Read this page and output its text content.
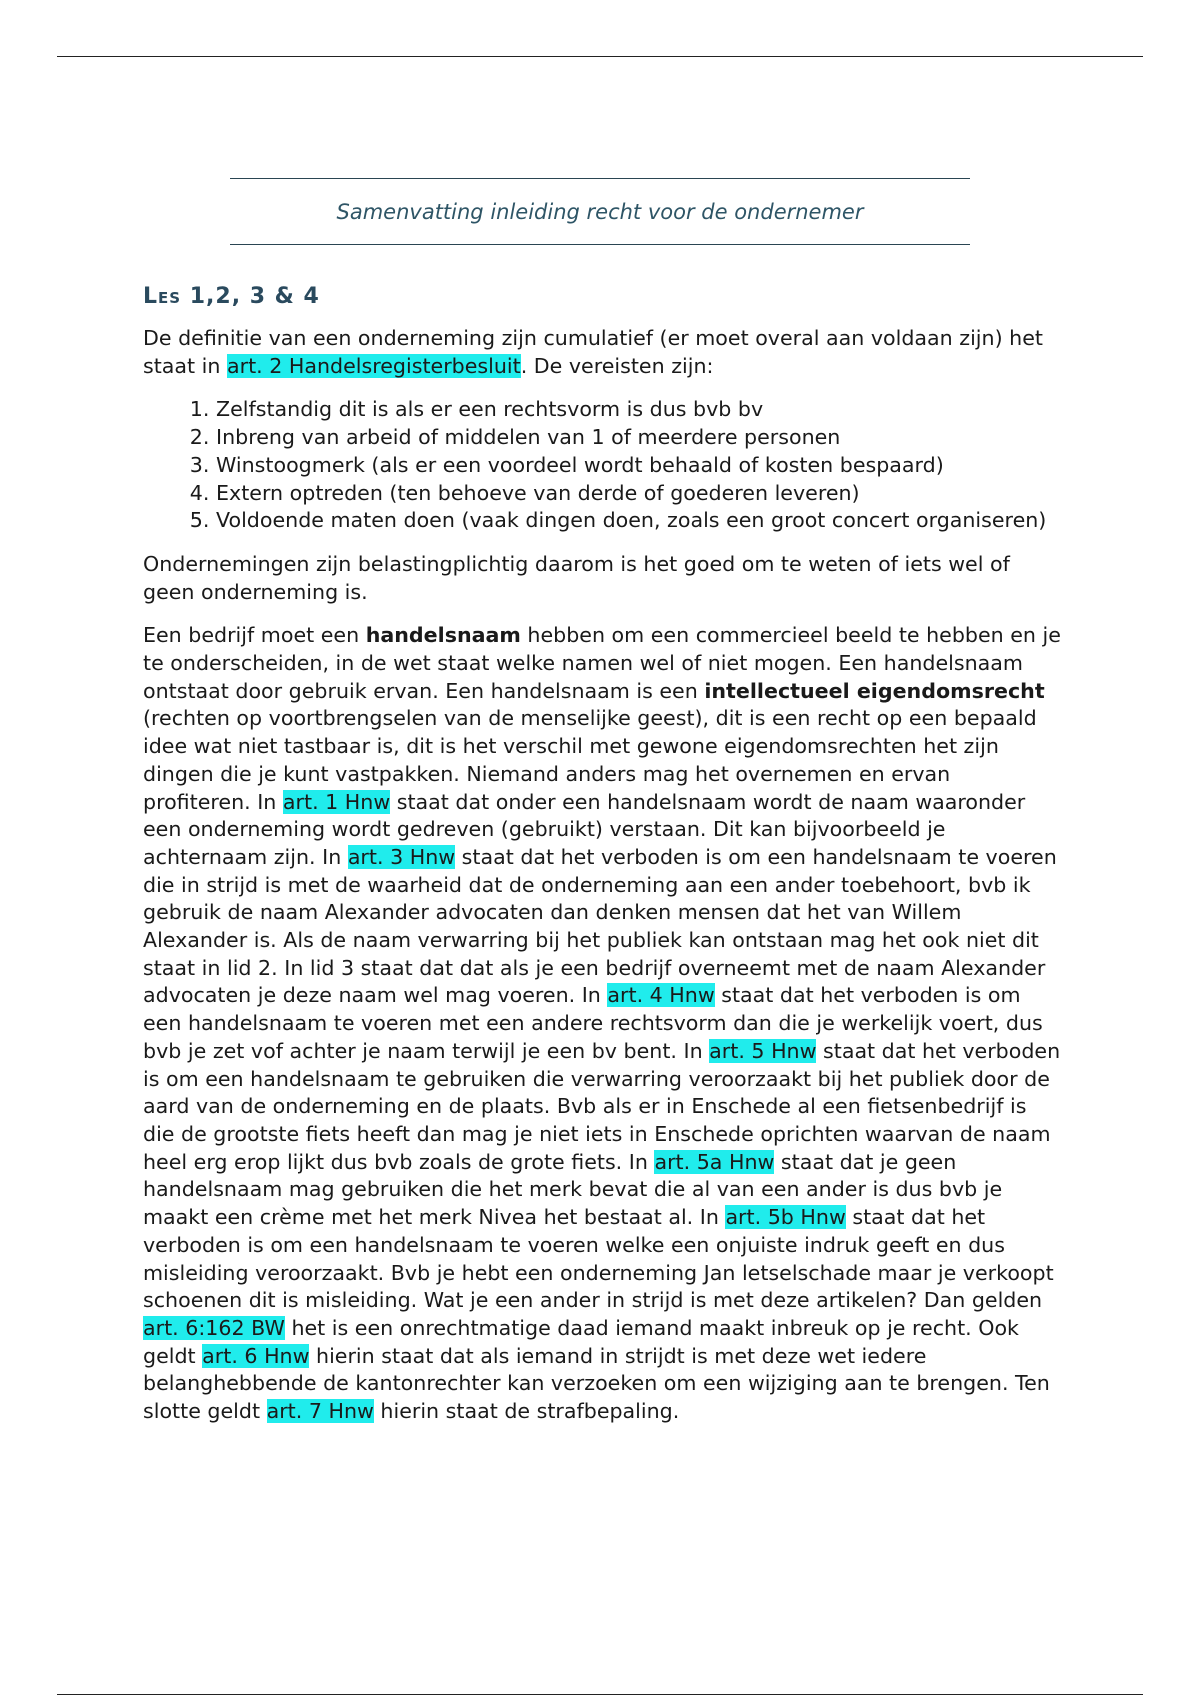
Samenvatting inleiding recht voor de ondernemer
Les 1,2, 3 & 4

De definitie van een onderneming zijn cumulatief (er moet overal aan voldaan zijn) het staat in art. 2 Handelsregisterbesluit. De vereisten zijn:

1. Zelfstandig dit is als er een rechtsvorm is dus bvb bv
2. Inbreng van arbeid of middelen van 1 of meerdere personen
3. Winstoogmerk (als er een voordeel wordt behaald of kosten bespaard)
4. Extern optreden (ten behoeve van derde of goederen leveren)
5. Voldoende maten doen (vaak dingen doen, zoals een groot concert organiseren)

Ondernemingen zijn belastingplichtig daarom is het goed om te weten of iets wel of geen onderneming is.

Een bedrijf moet een handelsnaam hebben om een commercieel beeld te hebben en je te onderscheiden, in de wet staat welke namen wel of niet mogen. Een handelsnaam ontstaat door gebruik ervan. Een handelsnaam is een intellectueel eigendomsrecht (rechten op voortbrengselen van de menselijke geest), dit is een recht op een bepaald idee wat niet tastbaar is, dit is het verschil met gewone eigendomsrechten het zijn dingen die je kunt vastpakken. Niemand anders mag het overnemen en ervan profiteren. In art. 1 Hnw staat dat onder een handelsnaam wordt de naam waaronder een onderneming wordt gedreven (gebruikt) verstaan. Dit kan bijvoorbeeld je achternaam zijn. In art. 3 Hnw staat dat het verboden is om een handelsnaam te voeren die in strijd is met de waarheid dat de onderneming aan een ander toebehoort, bvb ik gebruik de naam Alexander advocaten dan denken mensen dat het van Willem Alexander is. Als de naam verwarring bij het publiek kan ontstaan mag het ook niet dit staat in lid 2. In lid 3 staat dat dat als je een bedrijf overneemt met de naam Alexander advocaten je deze naam wel mag voeren. In art. 4 Hnw staat dat het verboden is om een handelsnaam te voeren met een andere rechtsvorm dan die je werkelijk voert, dus bvb je zet vof achter je naam terwijl je een bv bent. In art. 5 Hnw staat dat het verboden is om een handelsnaam te gebruiken die verwarring veroorzaakt bij het publiek door de aard van de onderneming en de plaats. Bvb als er in Enschede al een fietsenbedrijf is die de grootste fiets heeft dan mag je niet iets in Enschede oprichten waarvan de naam heel erg erop lijkt dus bvb zoals de grote fiets. In art. 5a Hnw staat dat je geen handelsnaam mag gebruiken die het merk bevat die al van een ander is dus bvb je maakt een crème met het merk Nivea het bestaat al. In art. 5b Hnw staat dat het verboden is om een handelsnaam te voeren welke een onjuiste indruk geeft en dus misleiding veroorzaakt. Bvb je hebt een onderneming Jan letselschade maar je verkoopt schoenen dit is misleiding. Wat je een ander in strijd is met deze artikelen? Dan gelden art. 6:162 BW het is een onrechtmatige daad iemand maakt inbreuk op je recht. Ook geldt art. 6 Hnw hierin staat dat als iemand in strijdt is met deze wet iedere belanghebbende de kantonrechter kan verzoeken om een wijziging aan te brengen. Ten slotte geldt art. 7 Hnw hierin staat de strafbepaling.
